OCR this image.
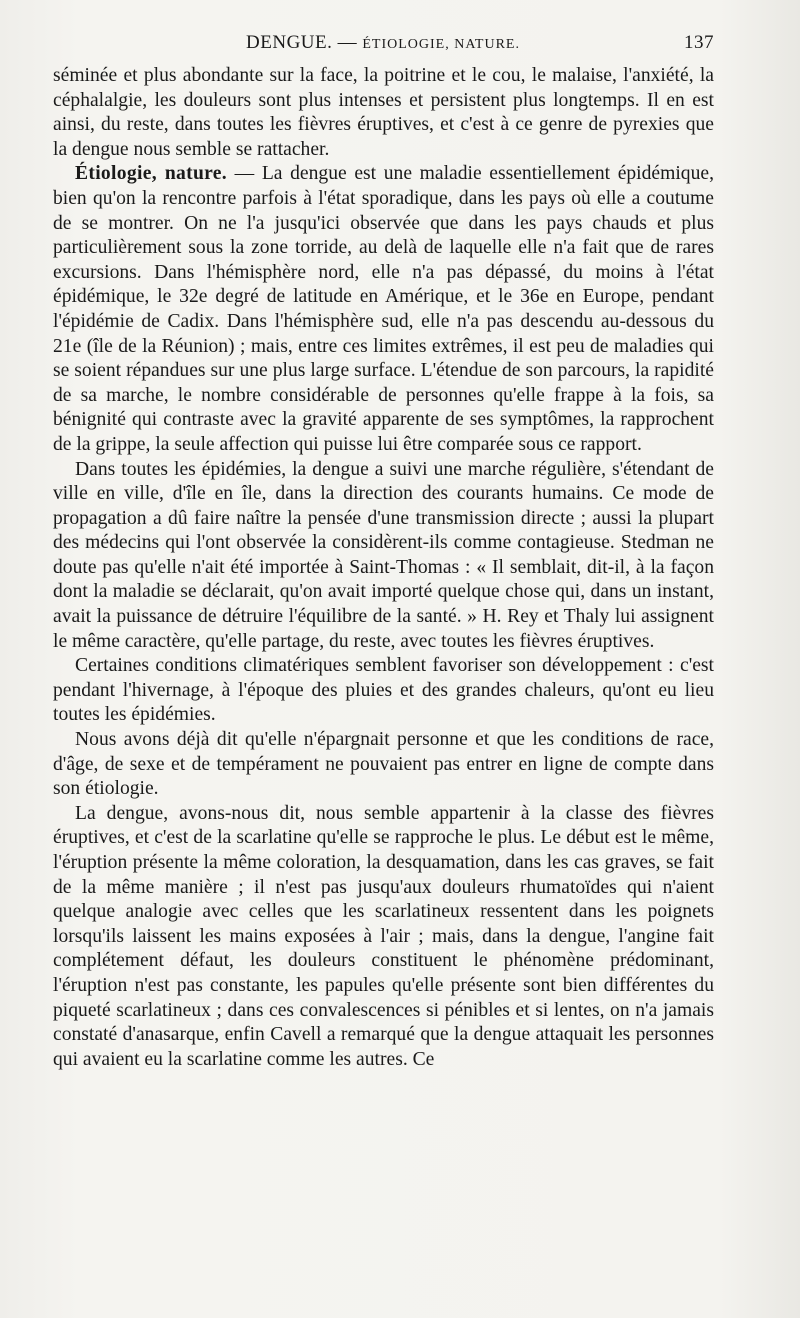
DENGUE. — ÉTIOLOGIE, NATURE.	137

séminée et plus abondante sur la face, la poitrine et le cou, le malaise, l'anxiété, la céphalalgie, les douleurs sont plus intenses et persistent plus longtemps. Il en est ainsi, du reste, dans toutes les fièvres éruptives, et c'est à ce genre de pyrexies que la dengue nous semble se rattacher.

Étiologie, nature. — La dengue est une maladie essentiellement épidémique, bien qu'on la rencontre parfois à l'état sporadique, dans les pays où elle a coutume de se montrer. On ne l'a jusqu'ici observée que dans les pays chauds et plus particulièrement sous la zone torride, au delà de laquelle elle n'a fait que de rares excursions. Dans l'hémisphère nord, elle n'a pas dépassé, du moins à l'état épidémique, le 32e degré de latitude en Amérique, et le 36e en Europe, pendant l'épidémie de Cadix. Dans l'hémisphère sud, elle n'a pas descendu au-dessous du 21e (île de la Réunion) ; mais, entre ces limites extrêmes, il est peu de maladies qui se soient répandues sur une plus large surface. L'étendue de son parcours, la rapidité de sa marche, le nombre considérable de personnes qu'elle frappe à la fois, sa bénignité qui contraste avec la gravité apparente de ses symptômes, la rapprochent de la grippe, la seule affection qui puisse lui être comparée sous ce rapport.

Dans toutes les épidémies, la dengue a suivi une marche régulière, s'étendant de ville en ville, d'île en île, dans la direction des courants humains. Ce mode de propagation a dû faire naître la pensée d'une transmission directe ; aussi la plupart des médecins qui l'ont observée la considèrent-ils comme contagieuse. Stedman ne doute pas qu'elle n'ait été importée à Saint-Thomas : « Il semblait, dit-il, à la façon dont la maladie se déclarait, qu'on avait importé quelque chose qui, dans un instant, avait la puissance de détruire l'équilibre de la santé. » H. Rey et Thaly lui assignent le même caractère, qu'elle partage, du reste, avec toutes les fièvres éruptives.

Certaines conditions climatériques semblent favoriser son développement : c'est pendant l'hivernage, à l'époque des pluies et des grandes chaleurs, qu'ont eu lieu toutes les épidémies.

Nous avons déjà dit qu'elle n'épargnait personne et que les conditions de race, d'âge, de sexe et de tempérament ne pouvaient pas entrer en ligne de compte dans son étiologie.

La dengue, avons-nous dit, nous semble appartenir à la classe des fièvres éruptives, et c'est de la scarlatine qu'elle se rapproche le plus. Le début est le même, l'éruption présente la même coloration, la desquamation, dans les cas graves, se fait de la même manière ; il n'est pas jusqu'aux douleurs rhumatoïdes qui n'aient quelque analogie avec celles que les scarlatineux ressentent dans les poignets lorsqu'ils laissent les mains exposées à l'air ; mais, dans la dengue, l'angine fait complétement défaut, les douleurs constituent le phénomène prédominant, l'éruption n'est pas constante, les papules qu'elle présente sont bien différentes du piqueté scarlatineux ; dans ces convalescences si pénibles et si lentes, on n'a jamais constaté d'anasarque, enfin Cavell a remarqué que la dengue attaquait les personnes qui avaient eu la scarlatine comme les autres. Ce
